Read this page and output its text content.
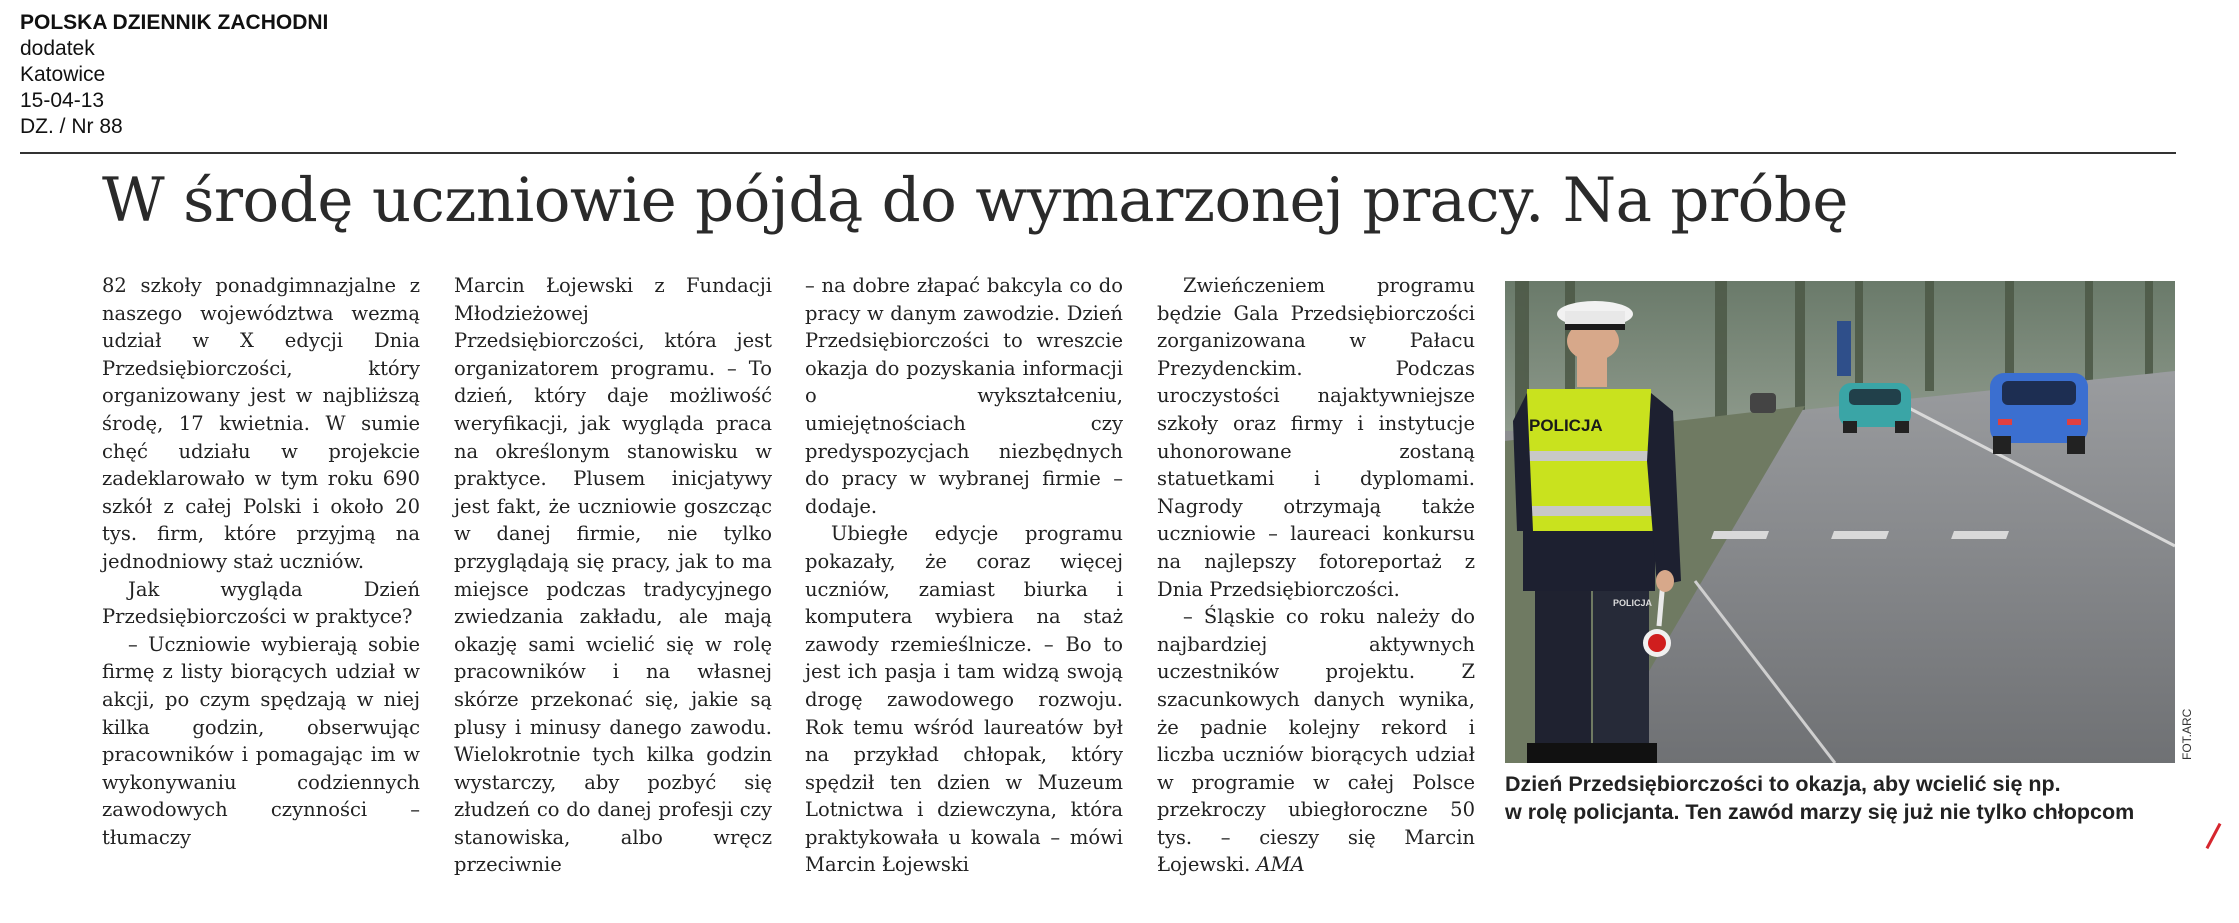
POLSKA DZIENNIK ZACHODNI
dodatek
Katowice
15-04-13
DZ. / Nr 88
W środę uczniowie pójdą do wymarzonej pracy. Na próbę

82 szkoły ponadgimnazjalne z naszego województwa wezmą udział w X edycji Dnia Przedsiębiorczości, który organizowany jest w najbliższą środę, 17 kwietnia. W sumie chęć udziału w projekcie zadeklarowało w tym roku 690 szkół z całej Polski i około 20 tys. firm, które przyjmą na jednodniowy staż uczniów.

Jak wygląda Dzień Przedsiębiorczości w praktyce?

– Uczniowie wybierają sobie firmę z listy biorących udział w akcji, po czym spędzają w niej kilka godzin, obserwując pracowników i pomagając im w wykonywaniu codziennych zawodowych czynności – tłumaczy

Marcin Łojewski z Fundacji Młodzieżowej Przedsiębiorczości, która jest organizatorem programu. – To dzień, który daje możliwość weryfikacji, jak wygląda praca na określonym stanowisku w praktyce. Plusem inicjatywy jest fakt, że uczniowie goszcząc w danej firmie, nie tylko przyglądają się pracy, jak to ma miejsce podczas tradycyjnego zwiedzania zakładu, ale mają okazję sami wcielić się w rolę pracowników i na własnej skórze przekonać się, jakie są plusy i minusy danego zawodu. Wielokrotnie tych kilka godzin wystarczy, aby pozbyć się złudzeń co do danej profesji czy stanowiska, albo wręcz przeciwnie

– na dobre złapać bakcyla co do pracy w danym zawodzie. Dzień Przedsiębiorczości to wreszcie okazja do pozyskania informacji o wykształceniu, umiejętnościach czy predyspozycjach niezbędnych do pracy w wybranej firmie – dodaje.

Ubiegłe edycje programu pokazały, że coraz więcej uczniów, zamiast biurka i komputera wybiera na staż zawody rzemieślnicze. – Bo to jest ich pasja i tam widzą swoją drogę zawodowego rozwoju. Rok temu wśród laureatów był na przykład chłopak, który spędził ten dzien w Muzeum Lotnictwa i dziewczyna, która praktykowała u kowala – mówi Marcin Łojewski

Zwieńczeniem programu będzie Gala Przedsiębiorczości zorganizowana w Pałacu Prezydenckim. Podczas uroczystości najaktywniejsze szkoły oraz firmy i instytucje uhonorowane zostaną statuetkami i dyplomami. Nagrody otrzymają także uczniowie – laureaci konkursu na najlepszy fotoreportaż z Dnia Przedsiębiorczości.

– Śląskie co roku należy do najbardziej aktywnych uczestników projektu. Z szacunkowych danych wynika, że padnie kolejny rekord i liczba uczniów biorących udział w programie w całej Polsce przekroczy ubiegłoroczne 50 tys. – cieszy się Marcin Łojewski. AMA

POLICJA
POLICJA
FOT.ARC
Dzień Przedsiębiorczości to okazja, aby wcielić się np.
w rolę policjanta. Ten zawód marzy się już nie tylko chłopcom
